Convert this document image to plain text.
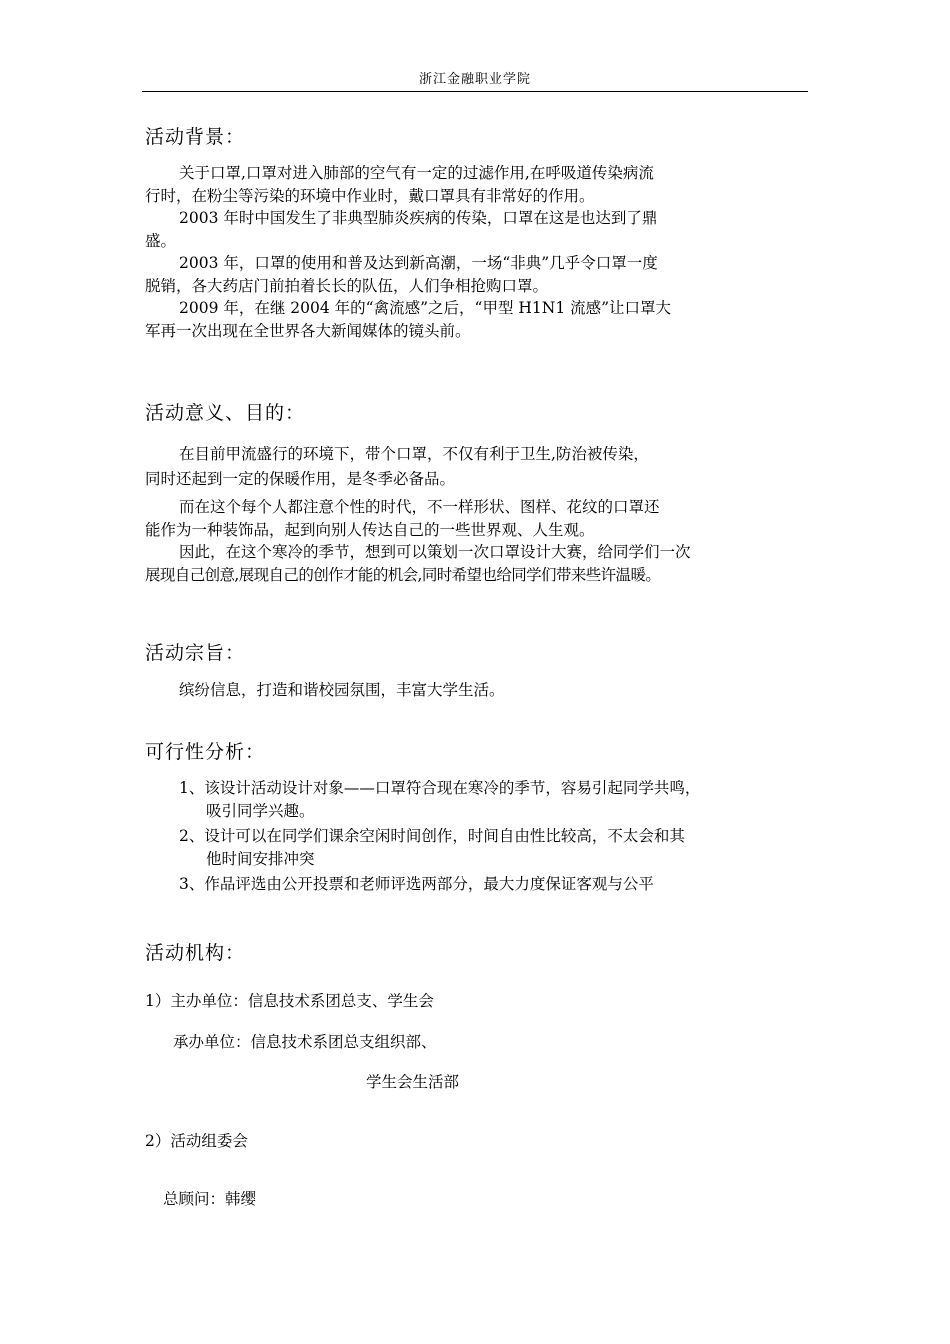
浙江金融职业学院
活动背景：
关于口罩,口罩对进入肺部的空气有一定的过滤作用,在呼吸道传染病流
行时，在粉尘等污染的环境中作业时，戴口罩具有非常好的作用。
2003 年时中国发生了非典型肺炎疾病的传染，口罩在这是也达到了鼎
盛。
2003 年，口罩的使用和普及达到新高潮，一场“非典”几乎令口罩一度
脱销，各大药店门前拍着长长的队伍，人们争相抢购口罩。
2009 年，在继 2004 年的“禽流感”之后，“甲型 H1N1 流感”让口罩大
军再一次出现在全世界各大新闻媒体的镜头前。
活动意义、目的：
在目前甲流盛行的环境下，带个口罩，不仅有利于卫生,防治被传染，
同时还起到一定的保暖作用，是冬季必备品。
而在这个每个人都注意个性的时代，不一样形状、图样、花纹的口罩还
能作为一种装饰品，起到向别人传达自己的一些世界观、人生观。
因此，在这个寒冷的季节，想到可以策划一次口罩设计大赛，给同学们一次
展现自己创意,展现自己的创作才能的机会,同时希望也给同学们带来些许温暖。
活动宗旨：
缤纷信息，打造和谐校园氛围，丰富大学生活。
可行性分析：
1、该设计活动设计对象——口罩符合现在寒冷的季节，容易引起同学共鸣，
吸引同学兴趣。
2、设计可以在同学们课余空闲时间创作，时间自由性比较高，不太会和其
他时间安排冲突
3、作品评选由公开投票和老师评选两部分，最大力度保证客观与公平
活动机构：
1）主办单位：信息技术系团总支、学生会
承办单位：信息技术系团总支组织部、
学生会生活部
2）活动组委会
总顾问：韩缨
